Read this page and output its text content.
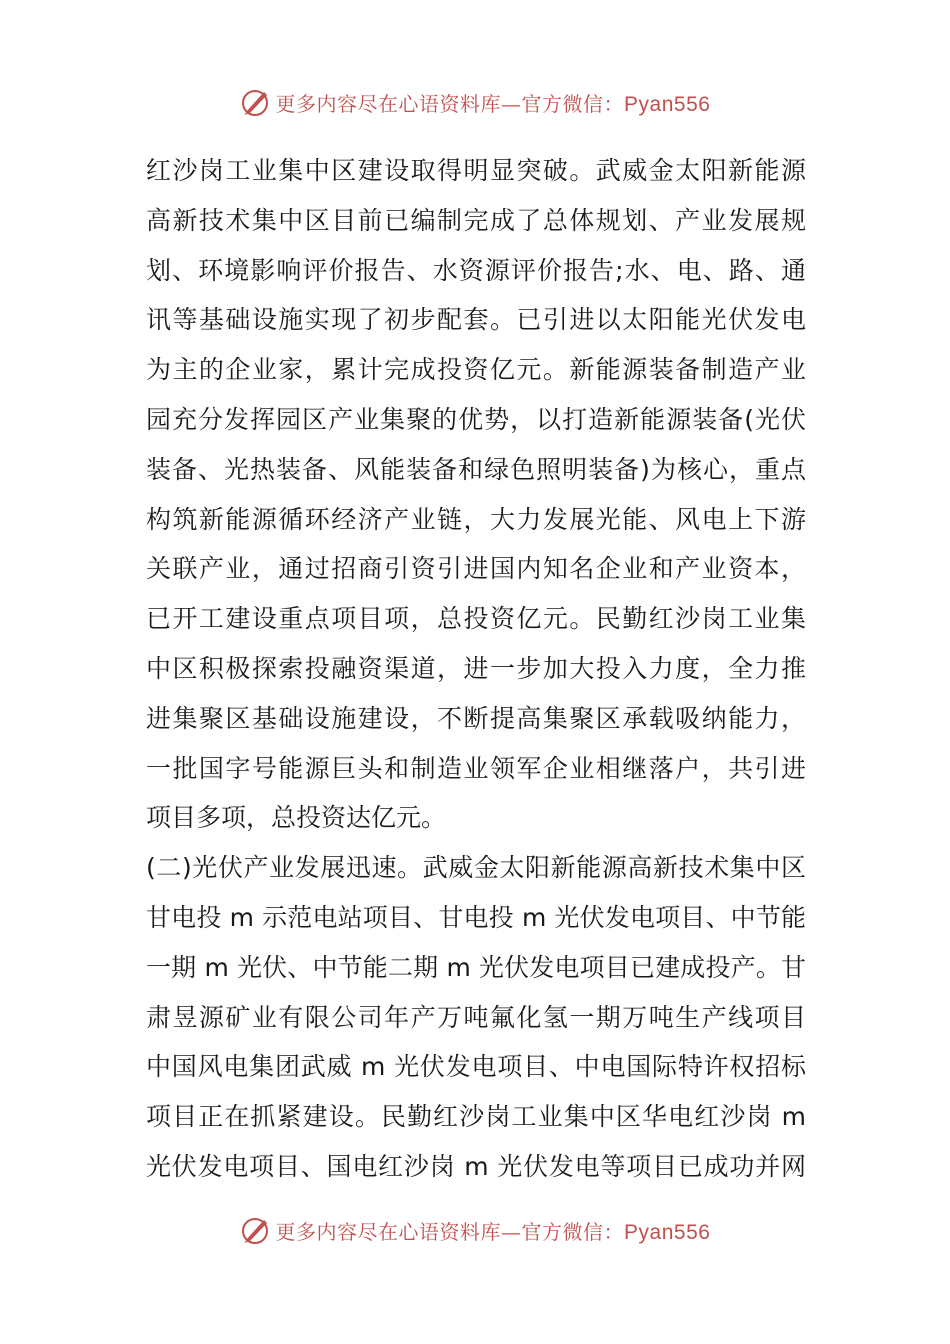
更多内容尽在心语资料库—官方微信：Pyan556
红沙岗工业集中区建设取得明显突破。武威金太阳新能源
高新技术集中区目前已编制完成了总体规划、产业发展规
划、环境影响评价报告、水资源评价报告;水、电、路、通
讯等基础设施实现了初步配套。已引进以太阳能光伏发电
为主的企业家，累计完成投资亿元。新能源装备制造产业
园充分发挥园区产业集聚的优势，以打造新能源装备(光伏
装备、光热装备、风能装备和绿色照明装备)为核心，重点
构筑新能源循环经济产业链，大力发展光能、风电上下游
关联产业，通过招商引资引进国内知名企业和产业资本，
已开工建设重点项目项，总投资亿元。民勤红沙岗工业集
中区积极探索投融资渠道，进一步加大投入力度，全力推
进集聚区基础设施建设，不断提高集聚区承载吸纳能力，
一批国字号能源巨头和制造业领军企业相继落户，共引进
项目多项，总投资达亿元。
(二)光伏产业发展迅速。武威金太阳新能源高新技术集中区
甘电投 m 示范电站项目、甘电投 m 光伏发电项目、中节能
一期 m 光伏、中节能二期 m 光伏发电项目已建成投产。甘
肃昱源矿业有限公司年产万吨氟化氢一期万吨生产线项目
中国风电集团武威 m 光伏发电项目、中电国际特许权招标
项目正在抓紧建设。民勤红沙岗工业集中区华电红沙岗 m
光伏发电项目、国电红沙岗 m 光伏发电等项目已成功并网
更多内容尽在心语资料库—官方微信：Pyan556
